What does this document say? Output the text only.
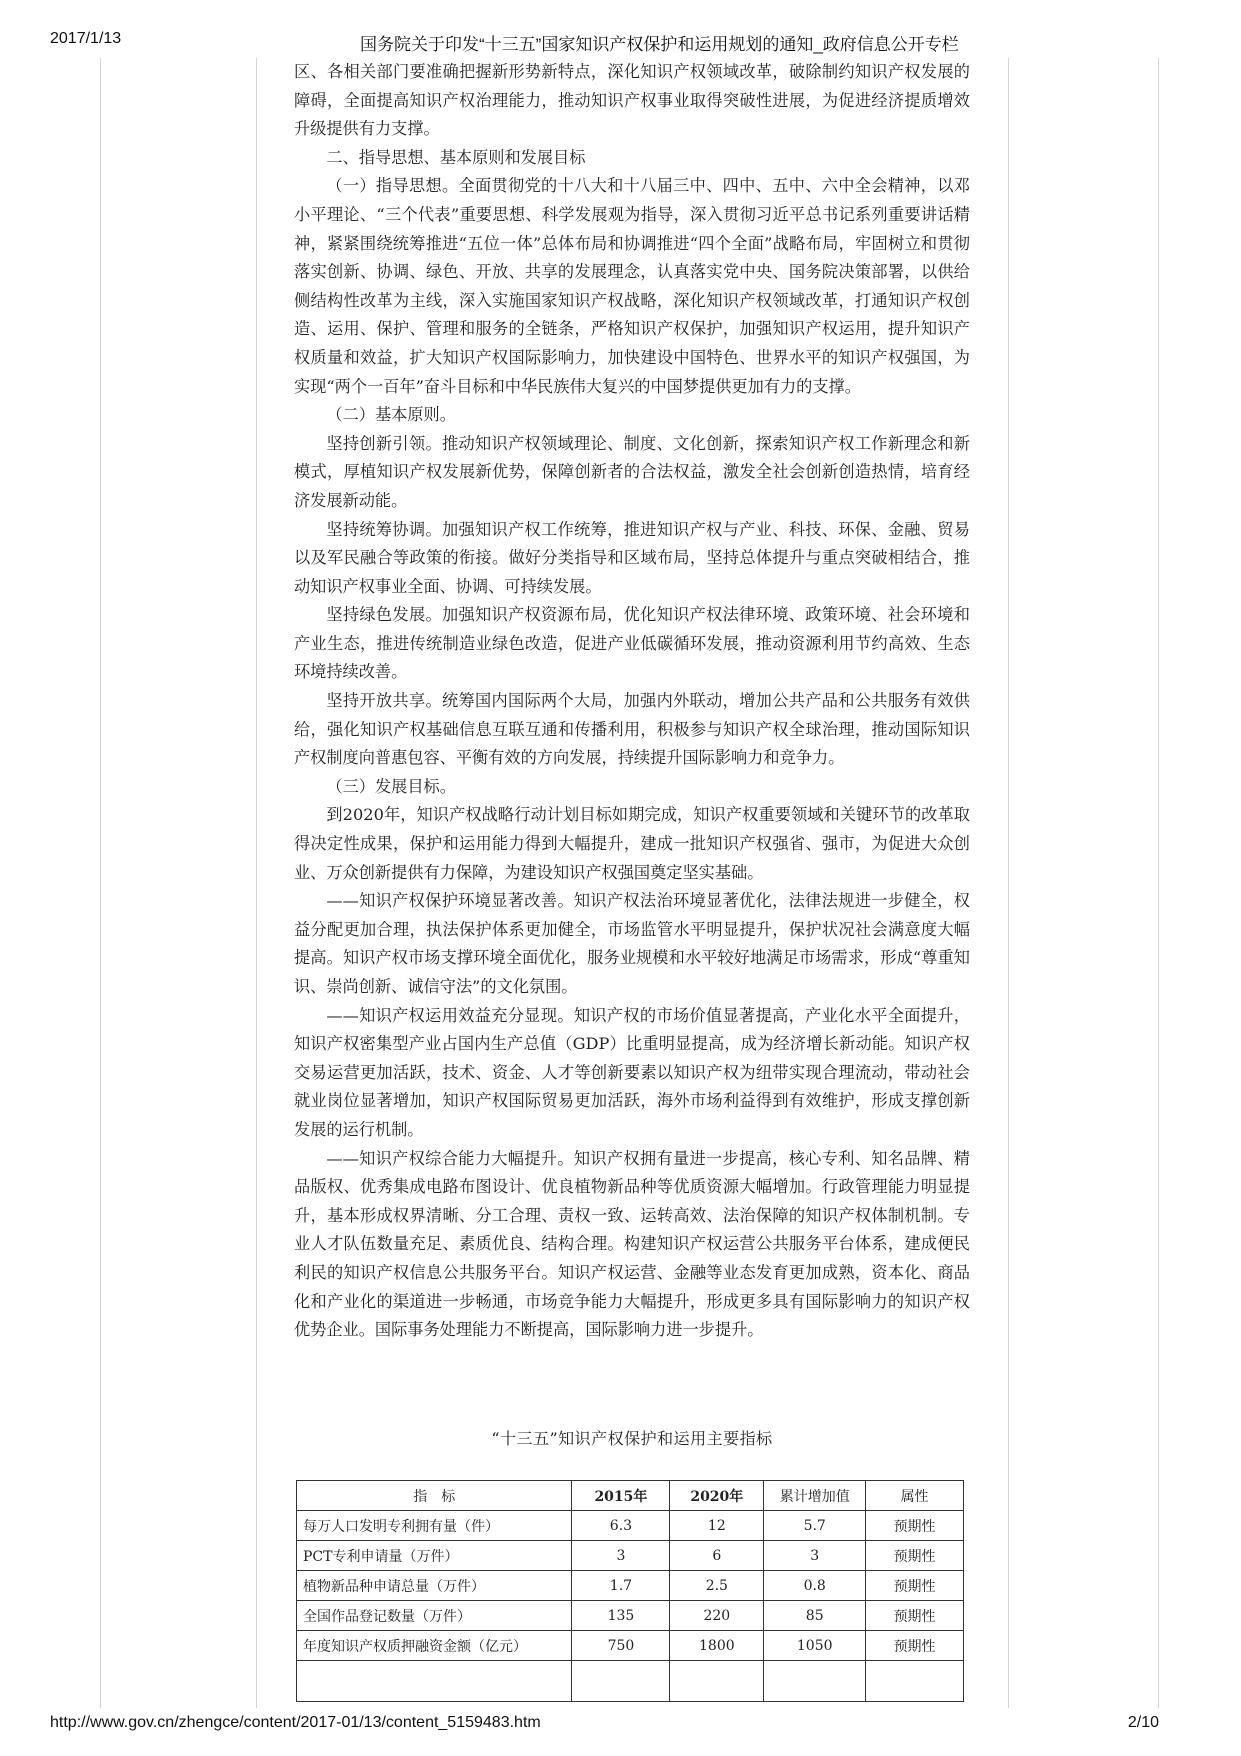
2017/1/13	国务院关于印发“十三五”国家知识产权保护和运用规划的通知_政府信息公开专栏

区、各相关部门要准确把握新形势新特点，深化知识产权领域改革，破除制约知识产权发展的障碍，全面提高知识产权治理能力，推动知识产权事业取得突破性进展，为促进经济提质增效升级提供有力支撑。

二、指导思想、基本原则和发展目标

（一）指导思想。全面贯彻党的十八大和十八届三中、四中、五中、六中全会精神，以邓小平理论、“三个代表”重要思想、科学发展观为指导，深入贯彻习近平总书记系列重要讲话精神，紧紧围绕统筹推进“五位一体”总体布局和协调推进“四个全面”战略布局，牢固树立和贯彻落实创新、协调、绿色、开放、共享的发展理念，认真落实党中央、国务院决策部署，以供给侧结构性改革为主线，深入实施国家知识产权战略，深化知识产权领域改革，打通知识产权创造、运用、保护、管理和服务的全链条，严格知识产权保护，加强知识产权运用，提升知识产权质量和效益，扩大知识产权国际影响力，加快建设中国特色、世界水平的知识产权强国，为实现“两个一百年”奋斗目标和中华民族伟大复兴的中国梦提供更加有力的支撑。

（二）基本原则。

坚持创新引领。推动知识产权领域理论、制度、文化创新，探索知识产权工作新理念和新模式，厚植知识产权发展新优势，保障创新者的合法权益，激发全社会创新创造热情，培育经济发展新动能。

坚持统筹协调。加强知识产权工作统筹，推进知识产权与产业、科技、环保、金融、贸易以及军民融合等政策的衔接。做好分类指导和区域布局，坚持总体提升与重点突破相结合，推动知识产权事业全面、协调、可持续发展。

坚持绿色发展。加强知识产权资源布局，优化知识产权法律环境、政策环境、社会环境和产业生态，推进传统制造业绿色改造，促进产业低碳循环发展，推动资源利用节约高效、生态环境持续改善。

坚持开放共享。统筹国内国际两个大局，加强内外联动，增加公共产品和公共服务有效供给，强化知识产权基础信息互联互通和传播利用，积极参与知识产权全球治理，推动国际知识产权制度向普惠包容、平衡有效的方向发展，持续提升国际影响力和竞争力。

（三）发展目标。

到2020年，知识产权战略行动计划目标如期完成，知识产权重要领域和关键环节的改革取得决定性成果，保护和运用能力得到大幅提升，建成一批知识产权强省、强市，为促进大众创业、万众创新提供有力保障，为建设知识产权强国奠定坚实基础。

——知识产权保护环境显著改善。知识产权法治环境显著优化，法律法规进一步健全，权益分配更加合理，执法保护体系更加健全，市场监管水平明显提升，保护状况社会满意度大幅提高。知识产权市场支撑环境全面优化，服务业规模和水平较好地满足市场需求，形成“尊重知识、崇尚创新、诚信守法”的文化氛围。

——知识产权运用效益充分显现。知识产权的市场价值显著提高，产业化水平全面提升，知识产权密集型产业占国内生产总值（GDP）比重明显提高，成为经济增长新动能。知识产权交易运营更加活跃，技术、资金、人才等创新要素以知识产权为纽带实现合理流动，带动社会就业岗位显著增加，知识产权国际贸易更加活跃，海外市场利益得到有效维护，形成支撑创新发展的运行机制。

——知识产权综合能力大幅提升。知识产权拥有量进一步提高，核心专利、知名品牌、精品版权、优秀集成电路布图设计、优良植物新品种等优质资源大幅增加。行政管理能力明显提升，基本形成权界清晰、分工合理、责权一致、运转高效、法治保障的知识产权体制机制。专业人才队伍数量充足、素质优良、结构合理。构建知识产权运营公共服务平台体系，建成便民利民的知识产权信息公共服务平台。知识产权运营、金融等业态发育更加成熟，资本化、商品化和产业化的渠道进一步畅通，市场竞争能力大幅提升，形成更多具有国际影响力的知识产权优势企业。国际事务处理能力不断提高，国际影响力进一步提升。

“十三五”知识产权保护和运用主要指标
指　标	2015年	2020年	累计增加值	属性
每万人口发明专利拥有量（件）	6.3	12	5.7	预期性
PCT专利申请量（万件）	3	6	3	预期性
植物新品种申请总量（万件）	1.7	2.5	0.8	预期性
全国作品登记数量（万件）	135	220	85	预期性
年度知识产权质押融资金额（亿元）	750	1800	1050	预期性

http://www.gov.cn/zhengce/content/2017-01/13/content_5159483.htm	2/10
